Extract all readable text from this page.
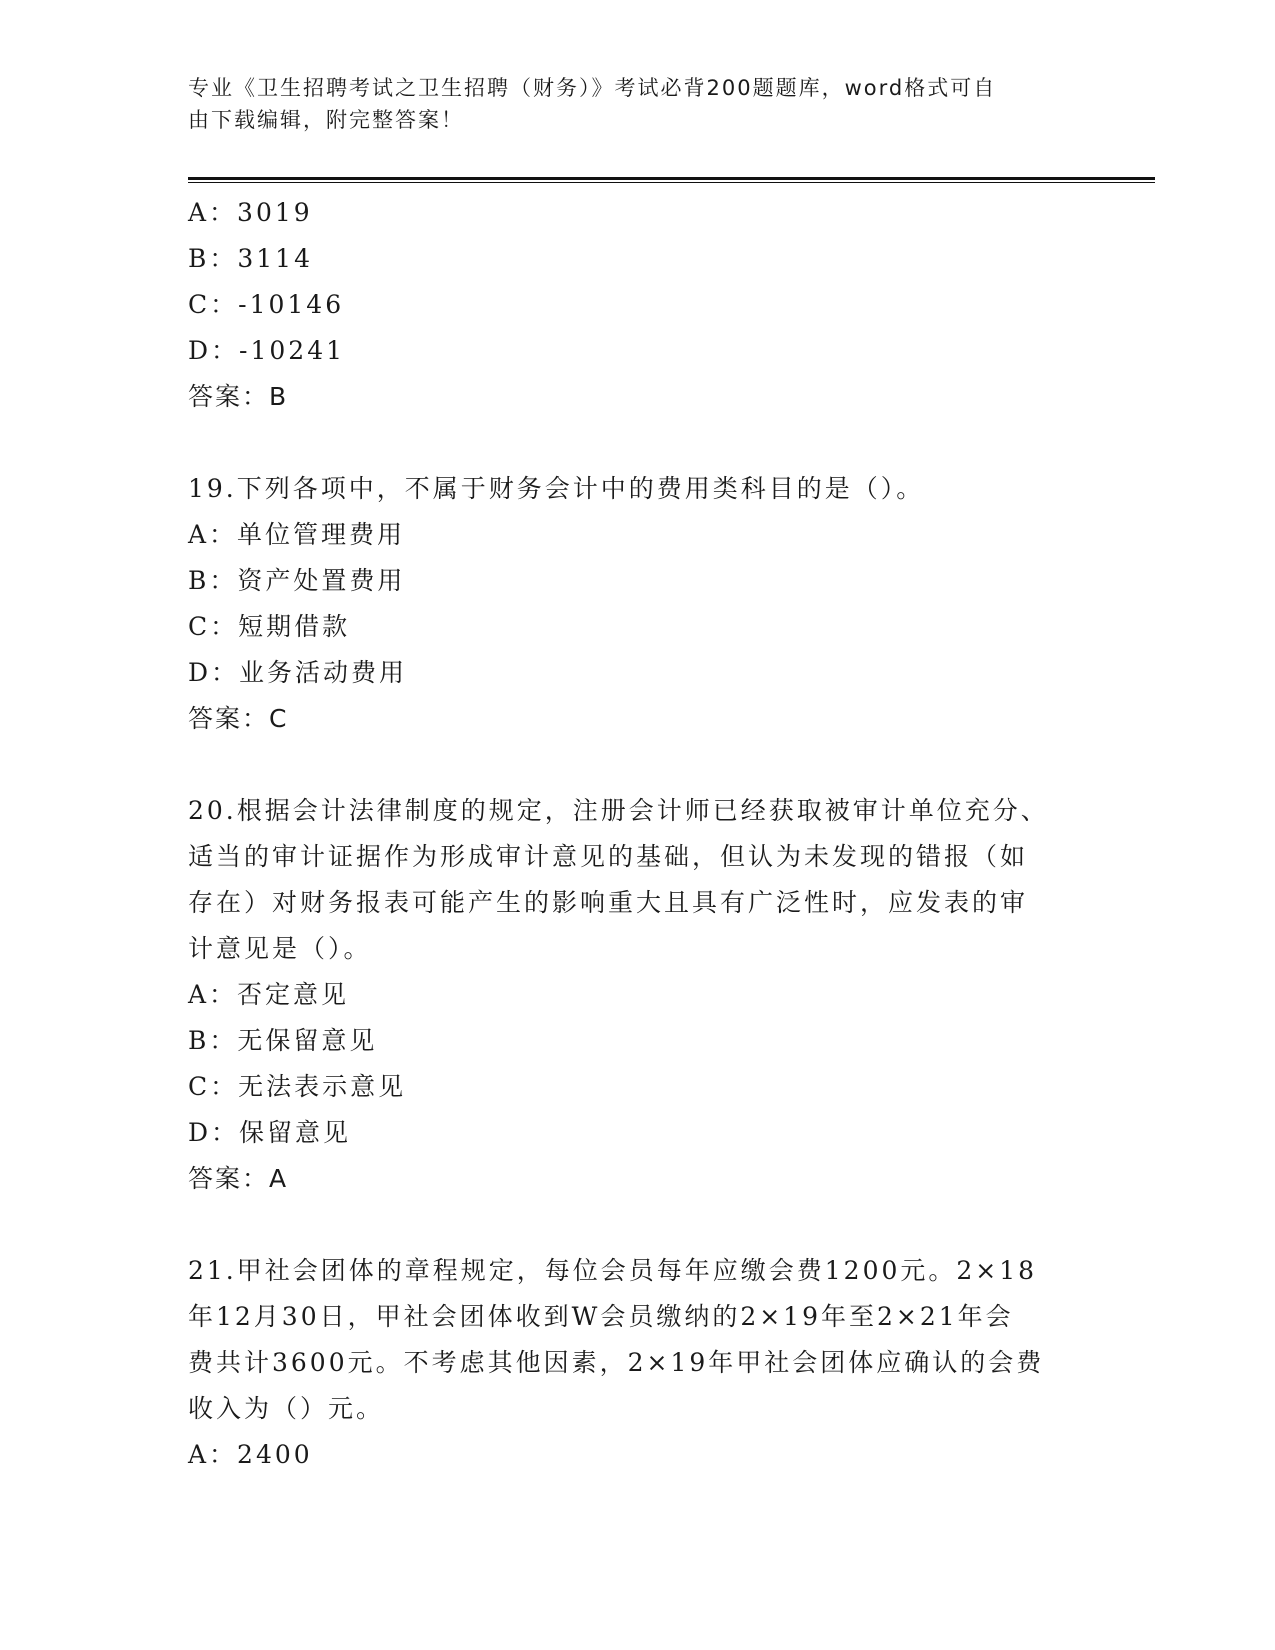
专业《卫生招聘考试之卫生招聘（财务）》考试必背200题题库，word格式可自
由下载编辑，附完整答案！
A：3019
B：3114
C：-10146
D：-10241
答案：B
19.下列各项中，不属于财务会计中的费用类科目的是（）。
A：单位管理费用
B：资产处置费用
C：短期借款
D：业务活动费用
答案：C
20.根据会计法律制度的规定，注册会计师已经获取被审计单位充分、
适当的审计证据作为形成审计意见的基础，但认为未发现的错报（如
存在）对财务报表可能产生的影响重大且具有广泛性时，应发表的审
计意见是（）。
A：否定意见
B：无保留意见
C：无法表示意见
D：保留意见
答案：A
21.甲社会团体的章程规定，每位会员每年应缴会费1200元。2×18
年12月30日，甲社会团体收到W会员缴纳的2×19年至2×21年会
费共计3600元。不考虑其他因素，2×19年甲社会团体应确认的会费
收入为（）元。
A：2400
